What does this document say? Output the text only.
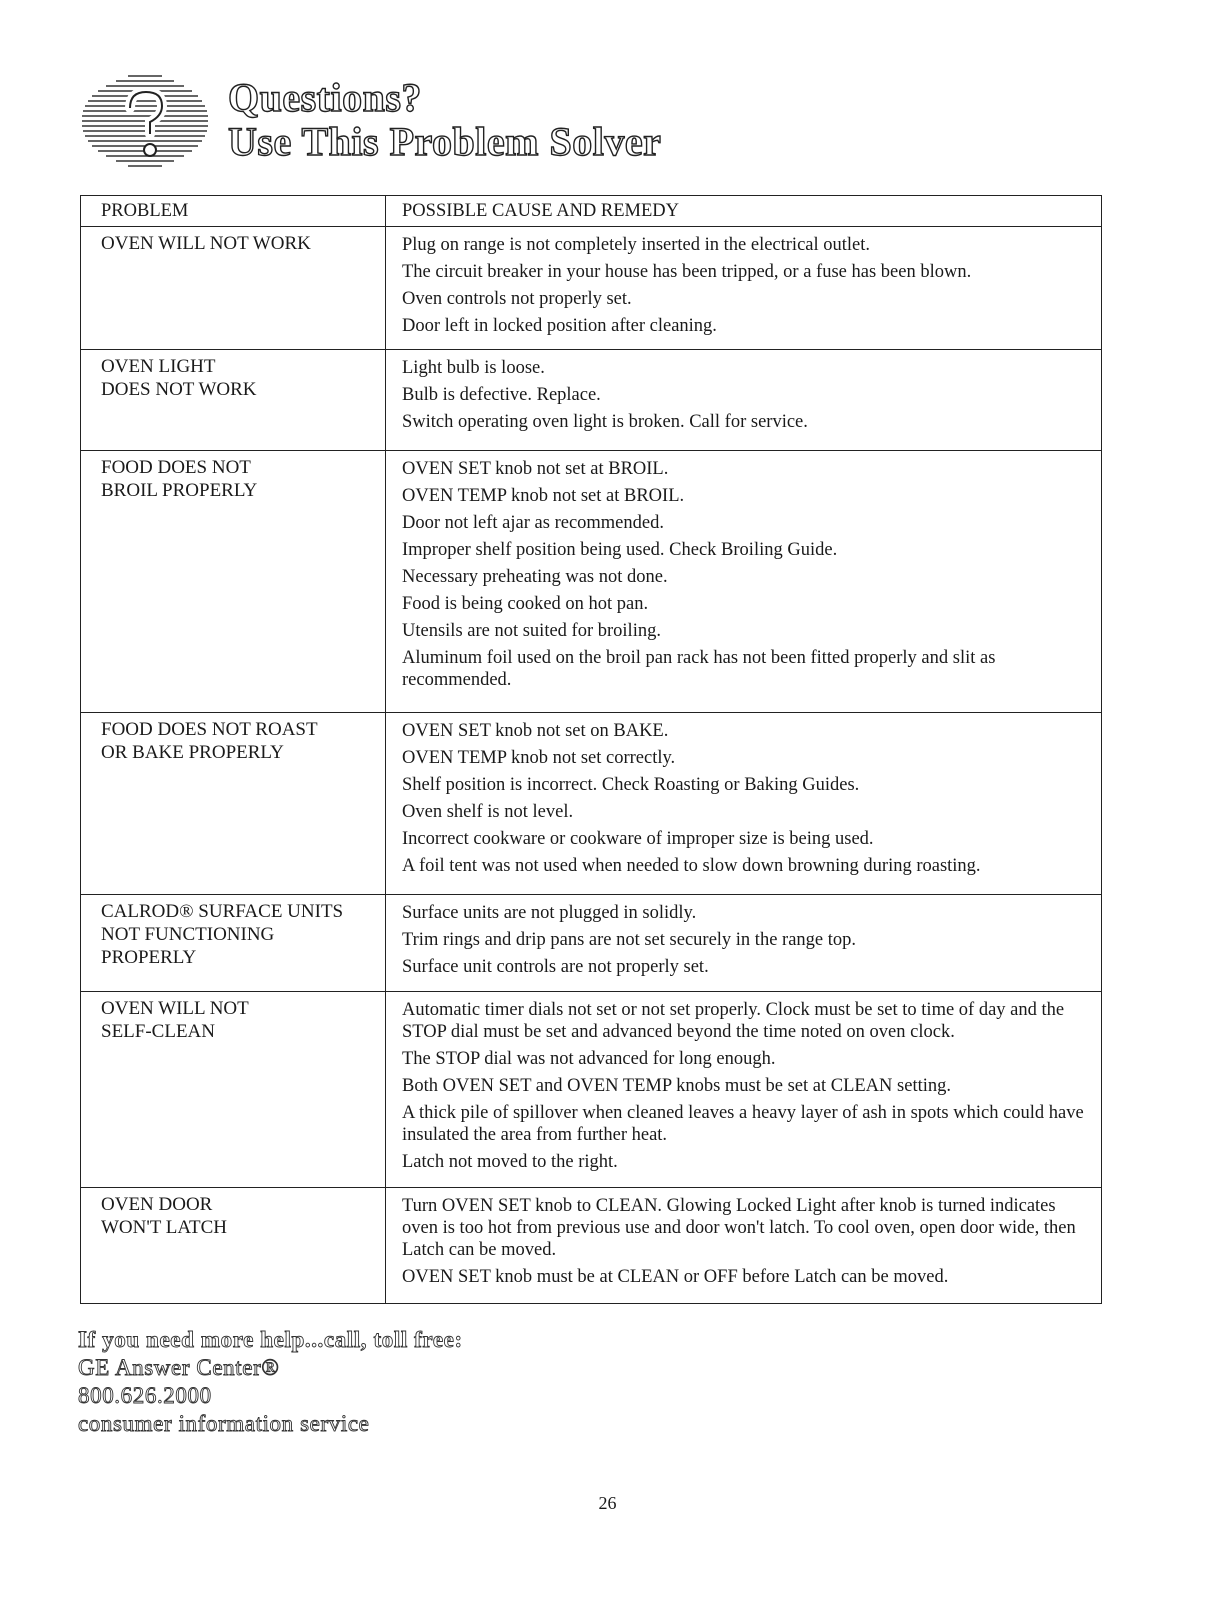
Questions?
Use This Problem Solver
PROBLEM	POSSIBLE CAUSE AND REMEDY
OVEN WILL NOT WORK	Plug on range is not completely inserted in the electrical outlet.
The circuit breaker in your house has been tripped, or a fuse has been blown.
Oven controls not properly set.
Door left in locked position after cleaning.
OVEN LIGHT
DOES NOT WORK
Light bulb is loose.
Bulb is defective. Replace.
Switch operating oven light is broken. Call for service.
FOOD DOES NOT
BROIL PROPERLY
OVEN SET knob not set at BROIL.
OVEN TEMP knob not set at BROIL.
Door not left ajar as recommended.
Improper shelf position being used. Check Broiling Guide.
Necessary preheating was not done.
Food is being cooked on hot pan.
Utensils are not suited for broiling.
Aluminum foil used on the broil pan rack has not been fitted properly and slit as recommended.
FOOD DOES NOT ROAST
OR BAKE PROPERLY
OVEN SET knob not set on BAKE.
OVEN TEMP knob not set correctly.
Shelf position is incorrect. Check Roasting or Baking Guides.
Oven shelf is not level.
Incorrect cookware or cookware of improper size is being used.
A foil tent was not used when needed to slow down browning during roasting.
CALROD® SURFACE UNITS
NOT FUNCTIONING
PROPERLY
Surface units are not plugged in solidly.
Trim rings and drip pans are not set securely in the range top.
Surface unit controls are not properly set.
OVEN WILL NOT
SELF-CLEAN
Automatic timer dials not set or not set properly. Clock must be set to time of day and the STOP dial must be set and advanced beyond the time noted on oven clock.
The STOP dial was not advanced for long enough.
Both OVEN SET and OVEN TEMP knobs must be set at CLEAN setting.
A thick pile of spillover when cleaned leaves a heavy layer of ash in spots which could have insulated the area from further heat.
Latch not moved to the right.
OVEN DOOR
WON'T LATCH
Turn OVEN SET knob to CLEAN. Glowing Locked Light after knob is turned indicates oven is too hot from previous use and door won't latch. To cool oven, open door wide, then Latch can be moved.
OVEN SET knob must be at CLEAN or OFF before Latch can be moved.
If you need more help...call, toll free:
GE Answer Center®
800.626.2000
consumer information service
26
